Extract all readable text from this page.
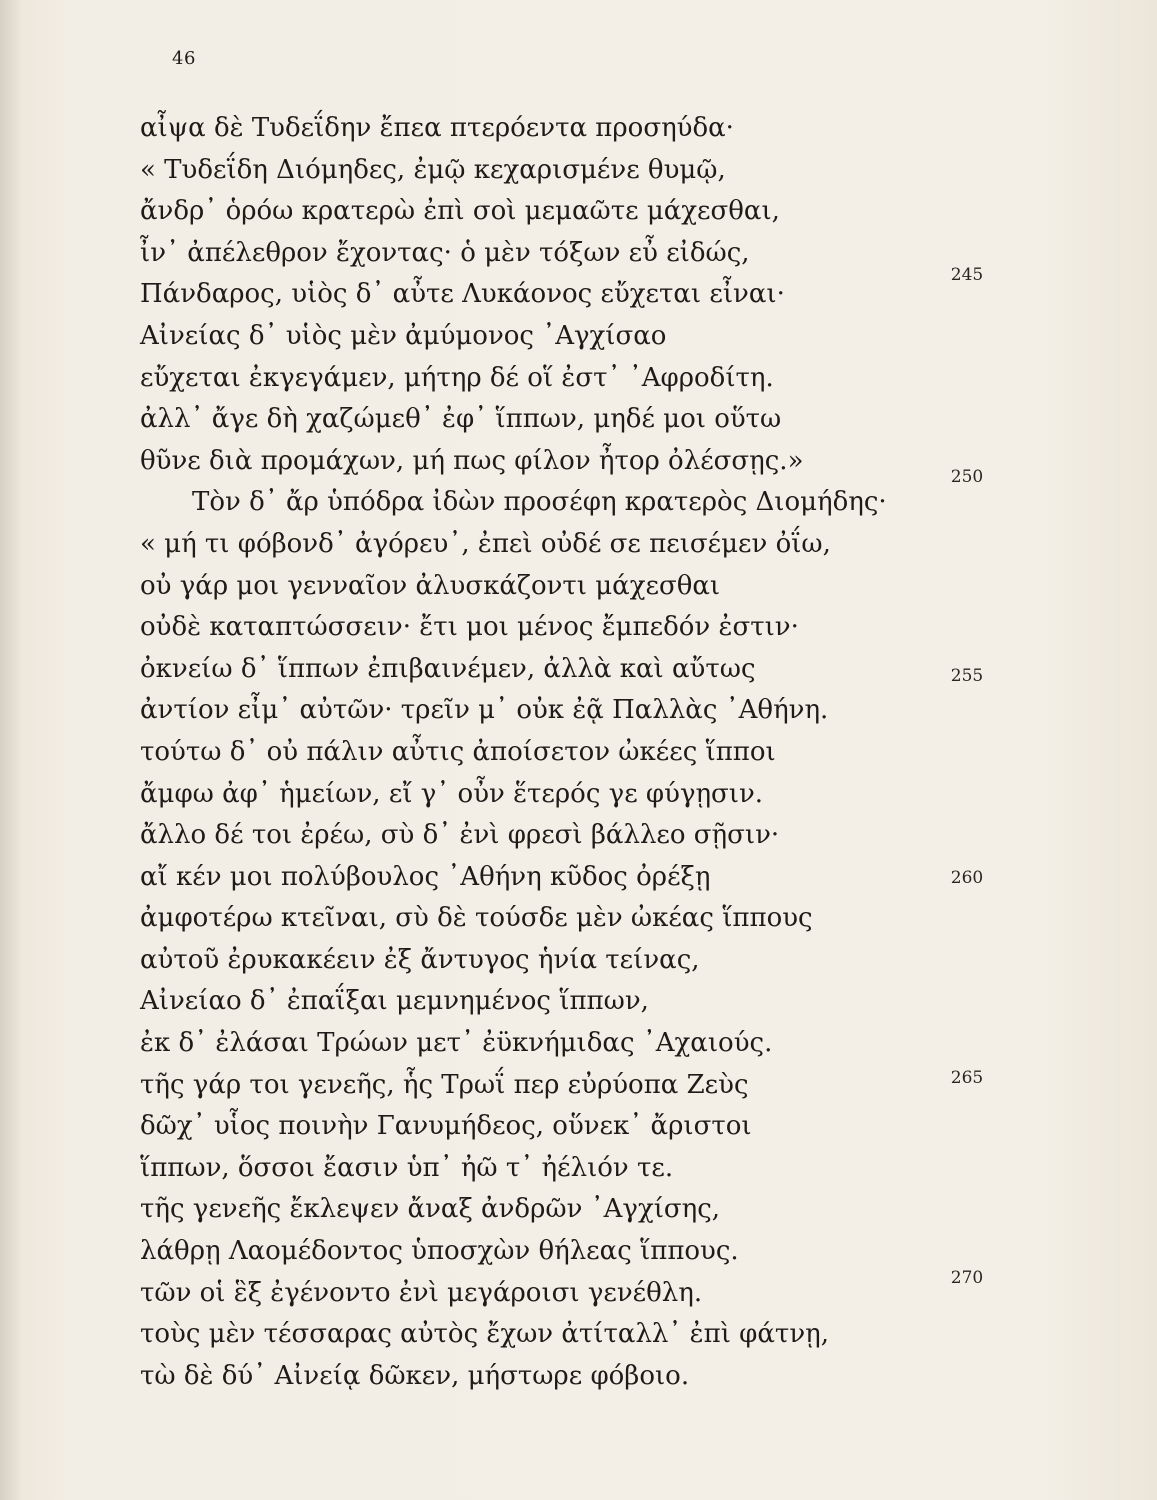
46
αἶψα δὲ Τυδεΐδην ἔπεα πτερόεντα προσηύδα·
« Τυδεΐδη Διόμηδες, ἐμῷ κεχαρισμένε θυμῷ,
ἄνδρ᾽ ὁρόω κρατερὼ ἐπὶ σοὶ μεμαῶτε μάχεσθαι,
ἶν᾽ ἀπέλεθρον ἔχοντας· ὁ μὲν τόξων εὖ εἰδώς,
Πάνδαρος, υἱὸς δ᾽ αὖτε Λυκάονος εὔχεται εἶναι·
Αἰνείας δ᾽ υἱὸς μὲν ἀμύμονος ᾿Αγχίσαο
εὔχεται ἐκγεγάμεν, μήτηρ δέ οἵ ἐστ᾽ ᾿Αφροδίτη.
ἀλλ᾽ ἄγε δὴ χαζώμεθ᾽ ἐφ᾽ ἵππων, μηδέ μοι οὕτω
θῦνε διὰ προμάχων, μή πως φίλον ἦτορ ὀλέσσῃς.»
Τὸν δ᾽ ἄρ ὑπόδρα ἰδὼν προσέφη κρατερὸς Διομήδης·
« μή τι φόβονδ᾽ ἀγόρευ᾽, ἐπεὶ οὐδέ σε πεισέμεν ὀΐω,
οὐ γάρ μοι γενναῖον ἀλυσκάζοντι μάχεσθαι
οὐδὲ καταπτώσσειν· ἔτι μοι μένος ἔμπεδόν ἐστιν·
ὀκνείω δ᾽ ἵππων ἐπιβαινέμεν, ἀλλὰ καὶ αὔτως
ἀντίον εἶμ᾽ αὐτῶν· τρεῖν μ᾽ οὐκ ἐᾷ Παλλὰς ᾿Αθήνη.
τούτω δ᾽ οὐ πάλιν αὖτις ἀποίσετον ὠκέες ἵπποι
ἄμφω ἀφ᾽ ἡμείων, εἴ γ᾽ οὖν ἕτερός γε φύγῃσιν.
ἄλλο δέ τοι ἐρέω, σὺ δ᾽ ἐνὶ φρεσὶ βάλλεο σῇσιν·
αἴ κέν μοι πολύβουλος ᾿Αθήνη κῦδος ὀρέξῃ
ἀμφοτέρω κτεῖναι, σὺ δὲ τούσδε μὲν ὠκέας ἵππους
αὐτοῦ ἐρυκακέειν ἐξ ἄντυγος ἡνία τείνας,
Αἰνείαο δ᾽ ἐπαΐξαι μεμνημένος ἵππων,
ἐκ δ᾽ ἐλάσαι Τρώων μετ᾽ ἐϋκνήμιδας ᾿Αχαιούς.
τῆς γάρ τοι γενεῆς, ἧς Τρωΐ περ εὐρύοπα Ζεὺς
δῶχ᾽ υἷος ποινὴν Γανυμήδεος, οὕνεκ᾽ ἄριστοι
ἵππων, ὅσσοι ἔασιν ὑπ᾽ ἠῶ τ᾽ ἠέλιόν τε.
τῆς γενεῆς ἔκλεψεν ἄναξ ἀνδρῶν ᾿Αγχίσης,
λάθρῃ Λαομέδοντος ὑποσχὼν θήλεας ἵππους.
τῶν οἱ ἓξ ἐγένοντο ἐνὶ μεγάροισι γενέθλη.
τοὺς μὲν τέσσαρας αὐτὸς ἔχων ἀτίταλλ᾽ ἐπὶ φάτνῃ,
τὼ δὲ δύ᾽ Αἰνείᾳ δῶκεν, μήστωρε φόβοιο.
245
250
255
260
265
270
